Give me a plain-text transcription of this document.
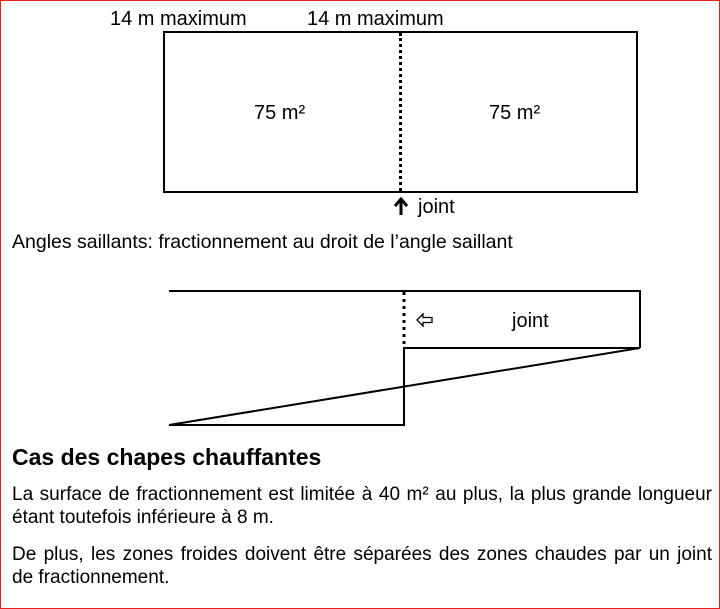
14 m maximum	14 m maximum
75 m²	75 m²
joint
Angles saillants: fractionnement au droit de l’angle saillant
joint
Cas des chapes chauffantes
La surface de fractionnement est limitée à 40 m² au plus, la plus grande longueur étant toutefois inférieure à 8 m.
De plus, les zones froides doivent être séparées des zones chaudes par un joint de fractionnement.
